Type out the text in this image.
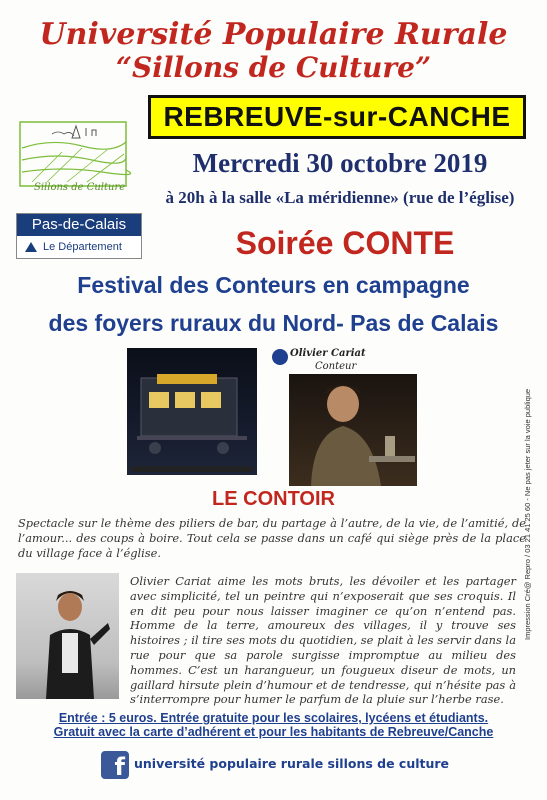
Université Populaire Rurale
“Sillons de Culture”
Sillons de Culture
REBREUVE-sur-CANCHE
Mercredi 30 octobre 2019
à 20h à la salle «La méridienne» (rue de l’église)
Pas-de-Calais
Le Département	Soirée CONTE
Festival des Conteurs en campagne
des foyers ruraux du Nord- Pas de Calais
Olivier Cariat
Conteur
LE CONTOIR
Spectacle sur le thème des piliers de bar, du partage à l’autre, de la vie, de l’amitié, de l’amour... des coups à boire. Tout cela se passe dans un café qui siège près de la place du village face à l’église.
Olivier Cariat aime les mots bruts, les dévoiler et les partager avec simplicité, tel un peintre qui n’exposerait que ses croquis. Il en dit peu pour nous laisser imaginer ce qu’on n’entend pas. Homme de la terre, amoureux des villages, il y trouve ses histoires ; il tire ses mots du quotidien, se plait à les servir dans la rue pour que sa parole surgisse impromptue au milieu des hommes. C’est un harangueur, un fougueux diseur de mots, un gaillard hirsute plein d’humour et de tendresse, qui n’hésite pas à s’interrompre pour humer le parfum de la pluie sur l’herbe rase.
Entrée : 5 euros. Entrée gratuite pour les scolaires, lycéens et étudiants.
Gratuit avec la carte d’adhérent et pour les habitants de Rebreuve/Canche
f université populaire rurale sillons de culture
Impression Cré@ Repro / 03 21 41 25 60 - Ne pas jeter sur la voie publique
